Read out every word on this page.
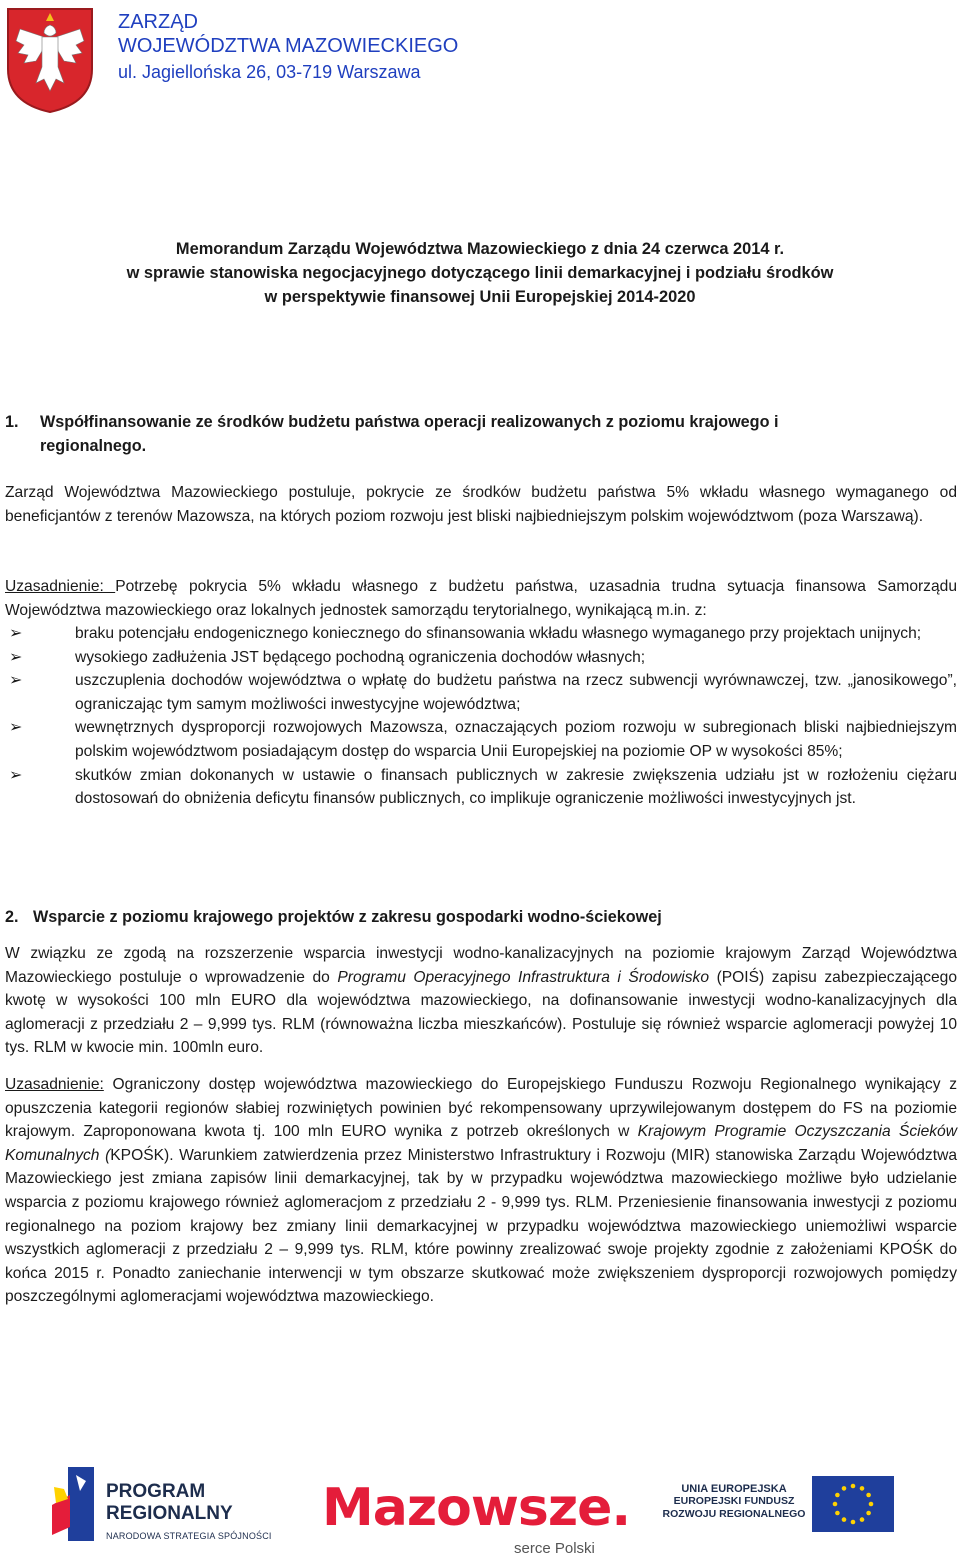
ZARZĄD
WOJEWÓDZTWA MAZOWIECKIEGO
ul. Jagiellońska 26, 03-719 Warszawa
Memorandum Zarządu Województwa Mazowieckiego z dnia 24 czerwca 2014 r.
w sprawie stanowiska negocjacyjnego dotyczącego linii demarkacyjnej i podziału środków
w perspektywie finansowej Unii Europejskiej 2014-2020
1. Współfinansowanie ze środków budżetu państwa operacji realizowanych z poziomu krajowego i regionalnego.
Zarząd Województwa Mazowieckiego postuluje, pokrycie ze środków budżetu państwa 5% wkładu własnego wymaganego od beneficjantów z terenów Mazowsza, na których poziom rozwoju jest bliski najbiedniejszym polskim województwom (poza Warszawą).
Uzasadnienie: Potrzebę pokrycia 5% wkładu własnego z budżetu państwa, uzasadnia trudna sytuacja finansowa Samorządu Województwa mazowieckiego oraz lokalnych jednostek samorządu terytorialnego, wynikającą m.in. z:
➢	braku potencjału endogenicznego koniecznego do sfinansowania wkładu własnego wymaganego przy projektach unijnych;
➢	wysokiego zadłużenia JST będącego pochodną ograniczenia dochodów własnych;
➢	uszczuplenia dochodów województwa o wpłatę do budżetu państwa na rzecz subwencji wyrównawczej, tzw. „janosikowego”, ograniczając tym samym możliwości inwestycyjne województwa;
➢	wewnętrznych dysproporcji rozwojowych Mazowsza, oznaczających poziom rozwoju w subregionach bliski najbiedniejszym polskim województwom posiadającym dostęp do wsparcia Unii Europejskiej na poziomie OP w wysokości 85%;
➢	skutków zmian dokonanych w ustawie o finansach publicznych w zakresie zwiększenia udziału jst w rozłożeniu ciężaru dostosowań do obniżenia deficytu finansów publicznych, co implikuje ograniczenie możliwości inwestycyjnych jst.
2. Wsparcie z poziomu krajowego projektów z zakresu gospodarki wodno-ściekowej
W związku ze zgodą na rozszerzenie wsparcia inwestycji wodno-kanalizacyjnych na poziomie krajowym Zarząd Województwa Mazowieckiego postuluje o wprowadzenie do Programu Operacyjnego Infrastruktura i Środowisko (POIŚ) zapisu zabezpieczającego kwotę w wysokości 100 mln EURO dla województwa mazowieckiego, na dofinansowanie inwestycji wodno-kanalizacyjnych dla aglomeracji z przedziału 2 – 9,999 tys. RLM (równoważna liczba mieszkańców). Postuluje się również wsparcie aglomeracji powyżej 10 tys. RLM w kwocie min. 100mln euro.
Uzasadnienie: Ograniczony dostęp województwa mazowieckiego do Europejskiego Funduszu Rozwoju Regionalnego wynikający z opuszczenia kategorii regionów słabiej rozwiniętych powinien być rekompensowany uprzywilejowanym dostępem do FS na poziomie krajowym. Zaproponowana kwota tj. 100 mln EURO wynika z potrzeb określonych w Krajowym Programie Oczyszczania Ścieków Komunalnych (KPOŚK). Warunkiem zatwierdzenia przez Ministerstwo Infrastruktury i Rozwoju (MIR) stanowiska Zarządu Województwa Mazowieckiego jest zmiana zapisów linii demarkacyjnej, tak by w przypadku województwa mazowieckiego możliwe było udzielanie wsparcia z poziomu krajowego również aglomeracjom z przedziału 2 - 9,999 tys. RLM. Przeniesienie finansowania inwestycji z poziomu regionalnego na poziom krajowy bez zmiany linii demarkacyjnej w przypadku województwa mazowieckiego uniemożliwi wsparcie wszystkich aglomeracji z przedziału 2 – 9,999 tys. RLM, które powinny zrealizować swoje projekty zgodnie z założeniami KPOŚK do końca 2015 r. Ponadto zaniechanie interwencji w tym obszarze skutkować może zwiększeniem dysproporcji rozwojowych pomiędzy poszczególnymi aglomeracjami województwa mazowieckiego.
PROGRAM
REGIONALNY
NARODOWA STRATEGIA SPÓJNOŚCI Mazowsze.
serce Polski
UNIA EUROPEJSKA
EUROPEJSKI FUNDUSZ
ROZWOJU REGIONALNEGO
